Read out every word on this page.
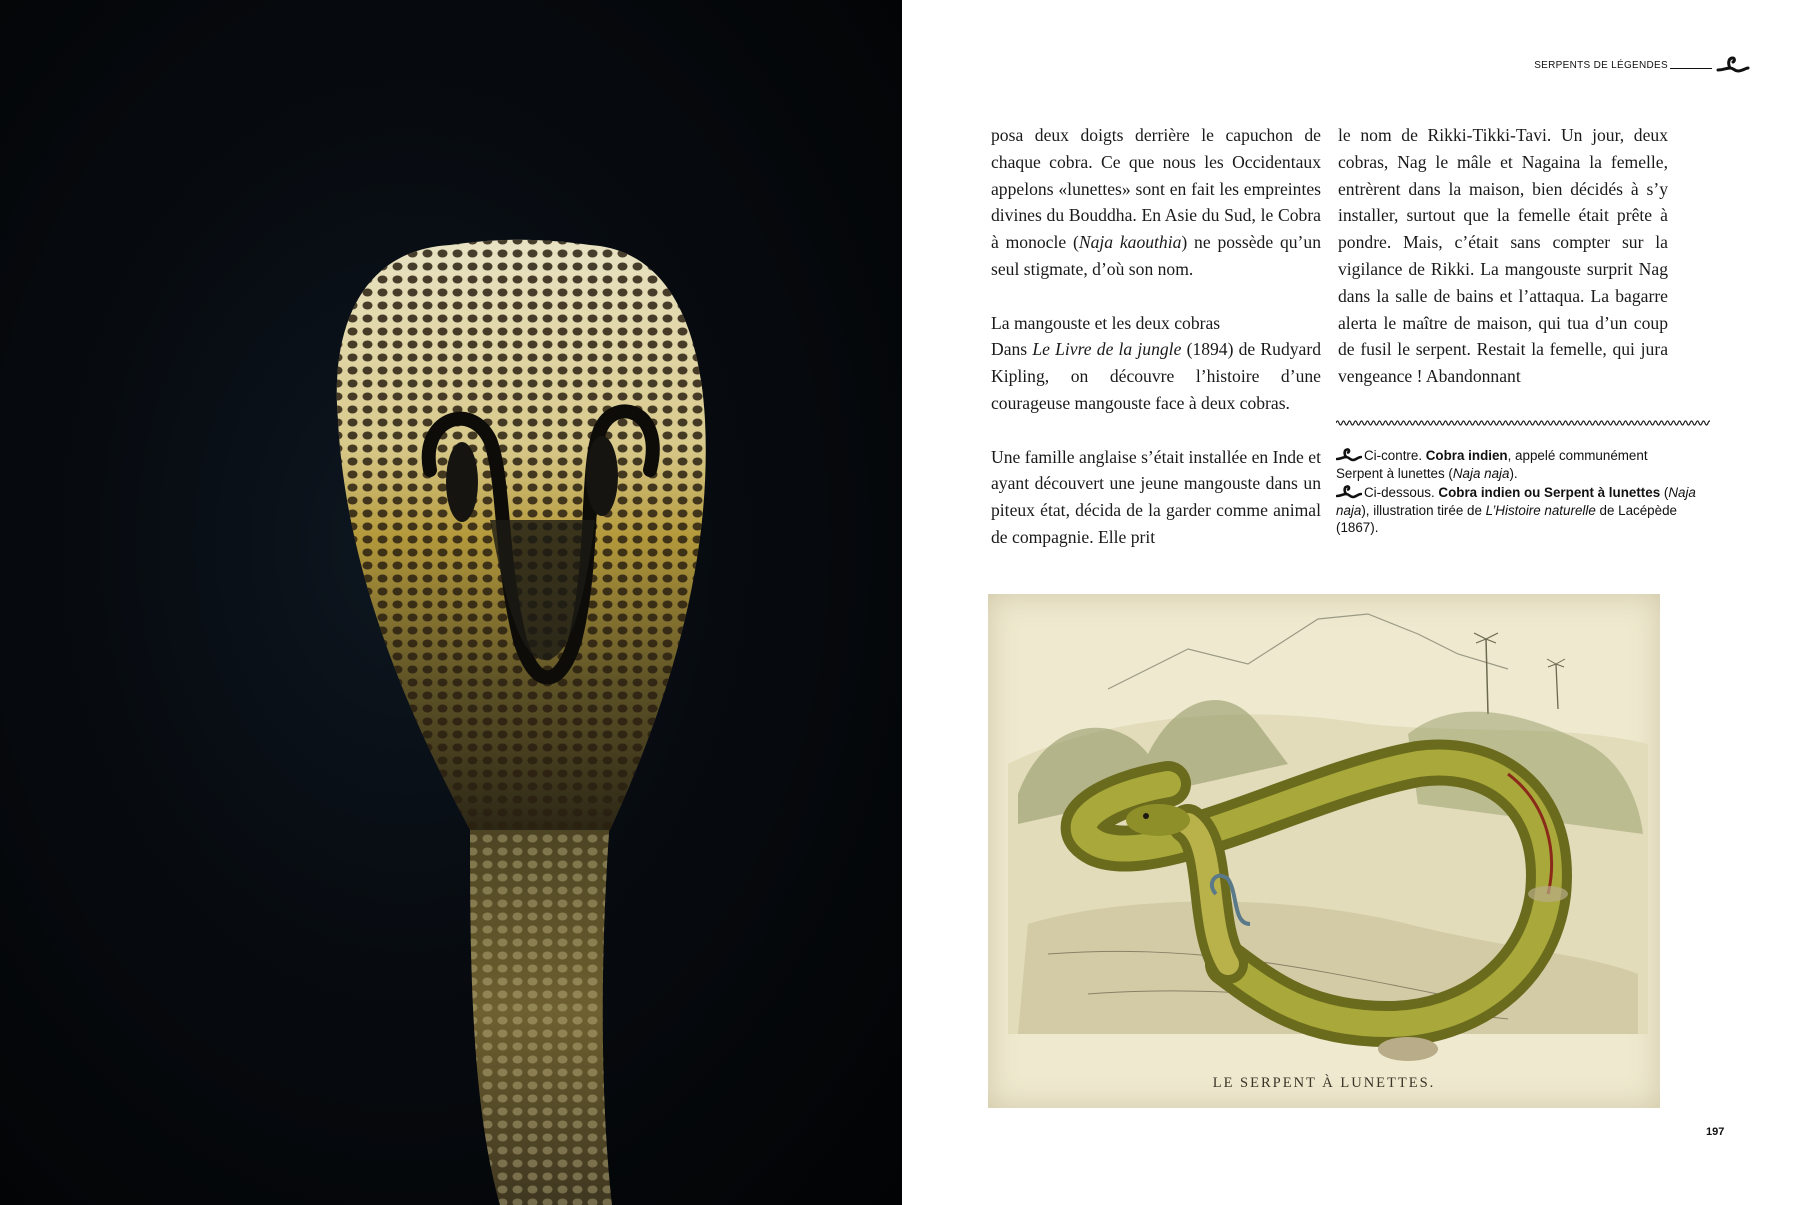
SERPENTS DE LÉGENDES

posa deux doigts derrière le capuchon de chaque cobra. Ce que nous les Occidentaux appelons «lunettes» sont en fait les empreintes divines du Bouddha. En Asie du Sud, le Cobra à monocle (Naja kaouthia) ne possède qu’un seul stigmate, d’où son nom.

La mangouste et les deux cobras

Dans Le Livre de la jungle (1894) de Rudyard Kipling, on découvre l’histoire d’une courageuse mangouste face à deux cobras.

Une famille anglaise s’était installée en Inde et ayant découvert une jeune mangouste dans un piteux état, décida de la garder comme animal de compagnie. Elle prit

le nom de Rikki-Tikki-Tavi. Un jour, deux cobras, Nag le mâle et Nagaina la femelle, entrèrent dans la maison, bien décidés à s’y installer, surtout que la femelle était prête à pondre. Mais, c’était sans compter sur la vigilance de Rikki. La mangouste surprit Nag dans la salle de bains et l’attaqua. La bagarre alerta le maître de maison, qui tua d’un coup de fusil le serpent. Restait la femelle, qui jura vengeance ! Abandonnant

Ci-contre. Cobra indien, appelé communément Serpent à lunettes (Naja naja).

Ci-dessous. Cobra indien ou Serpent à lunettes (Naja naja), illustration tirée de L’Histoire naturelle de Lacépède (1867).

LE SERPENT À LUNETTES.
197
